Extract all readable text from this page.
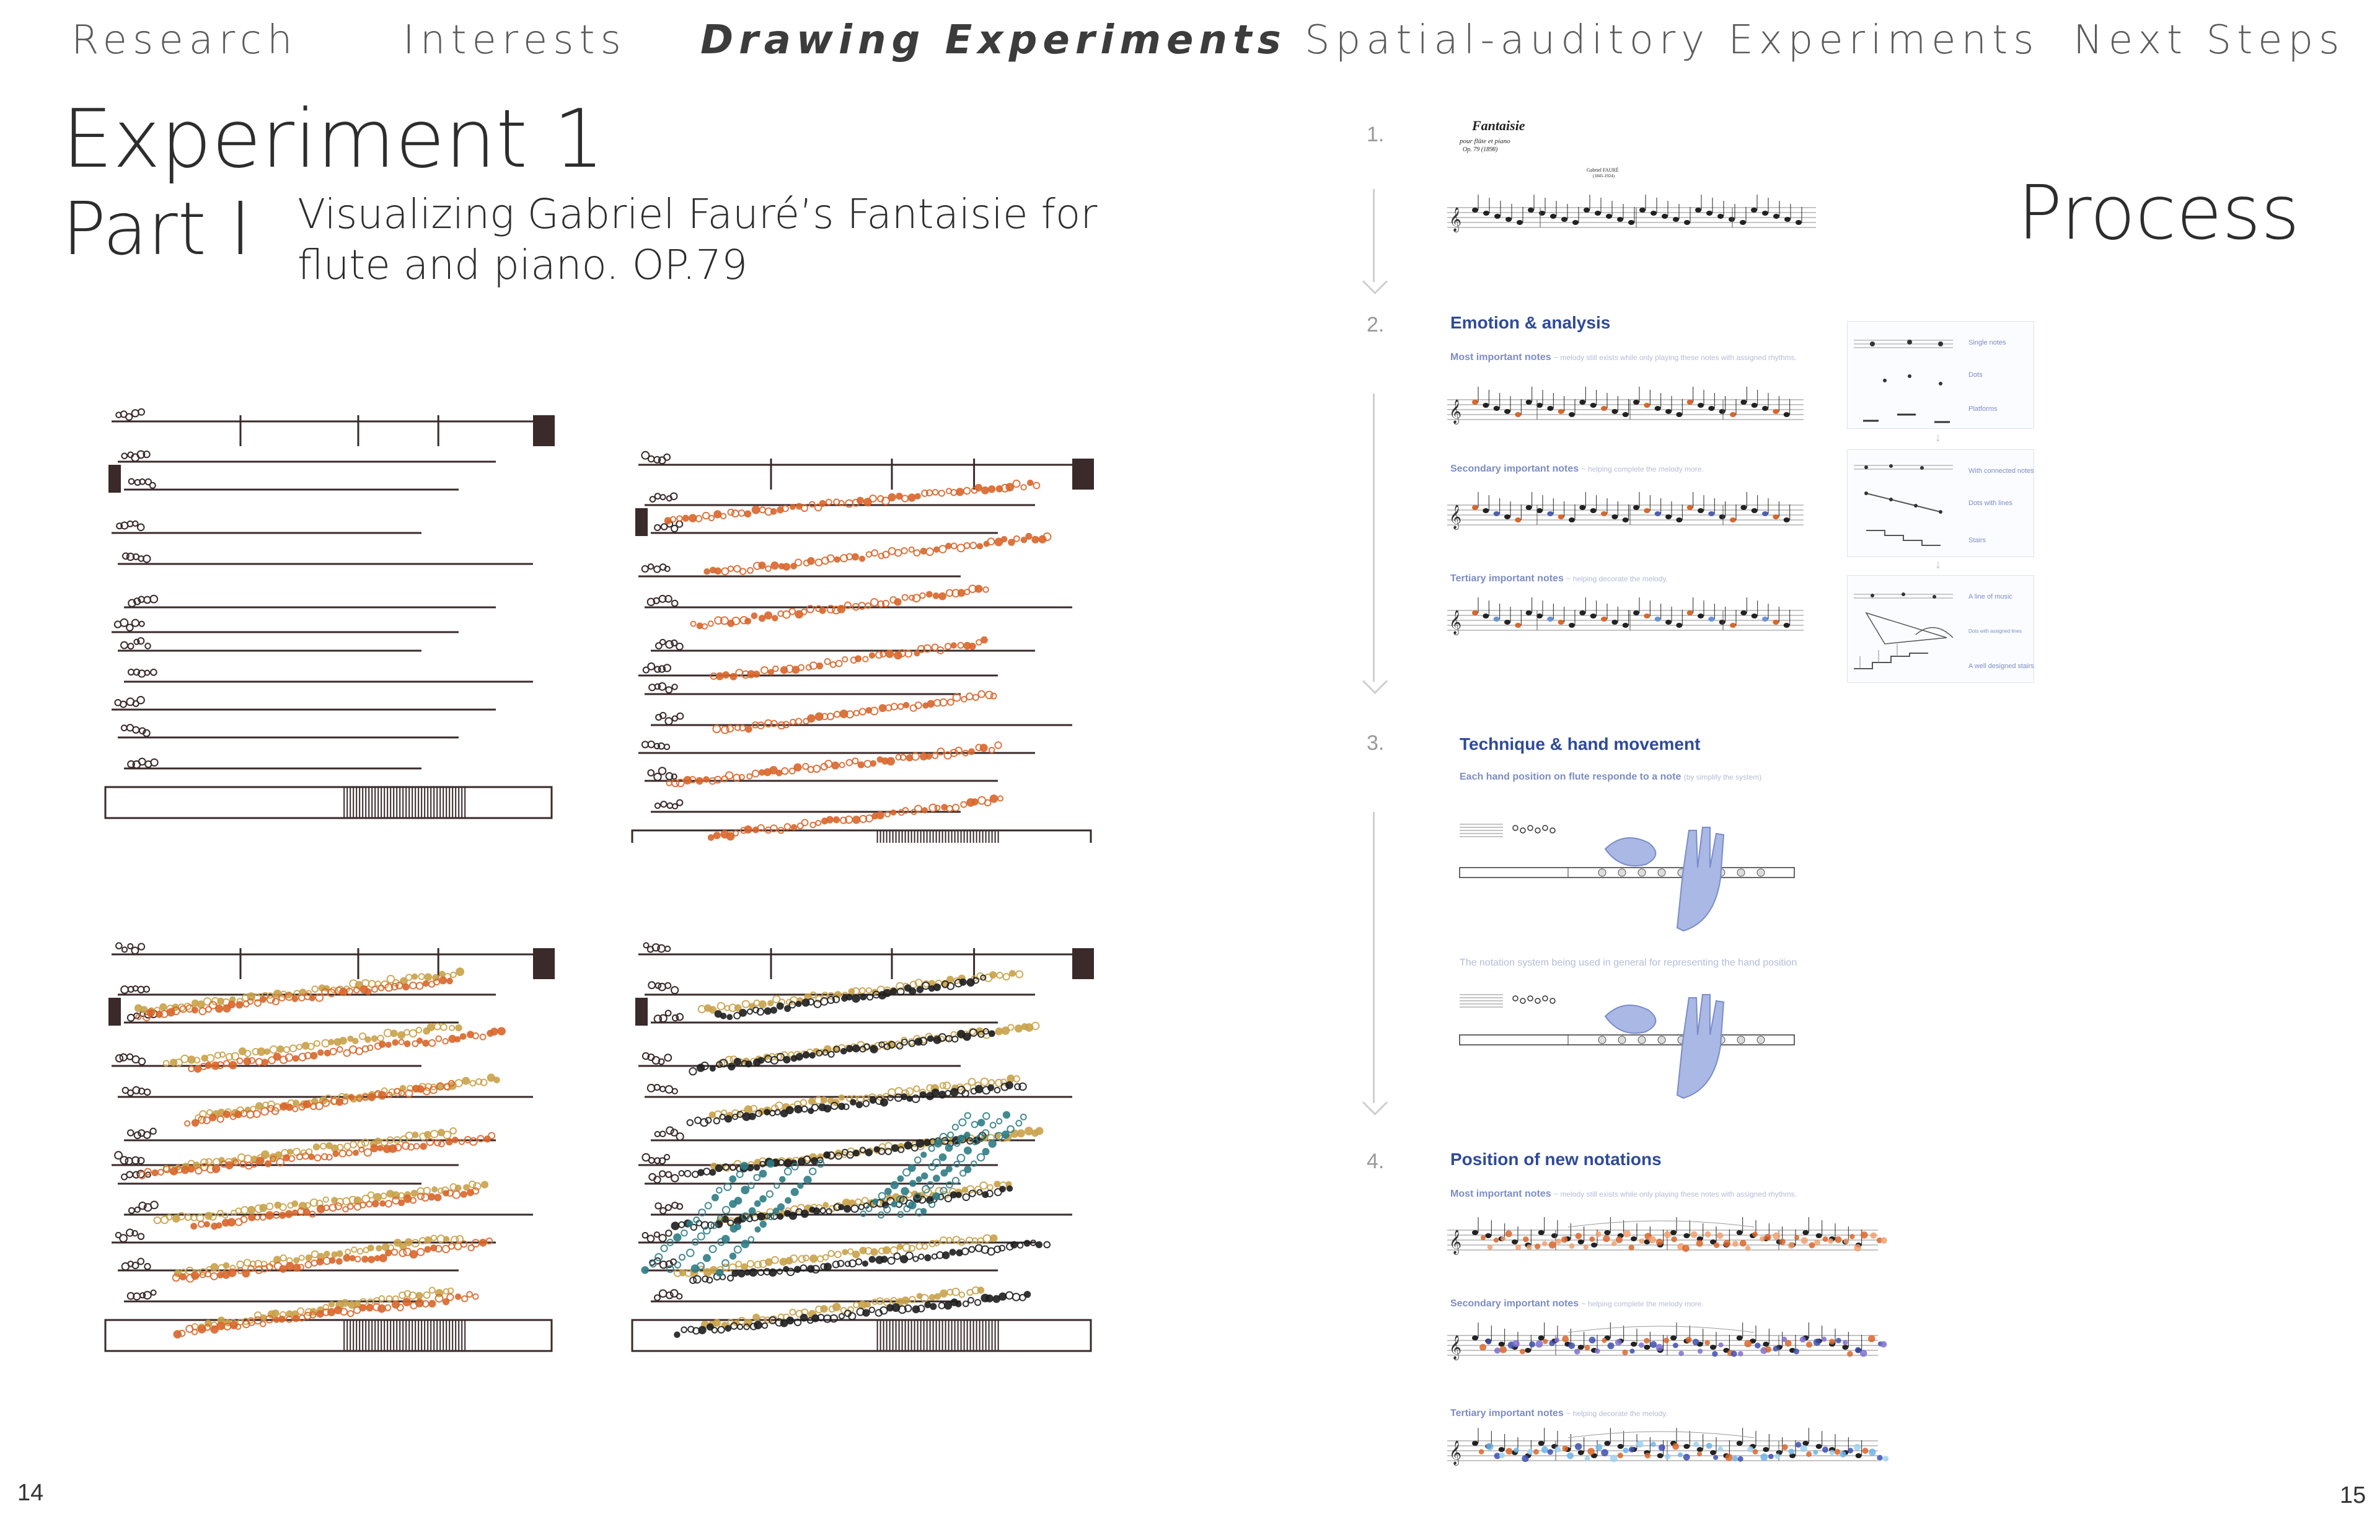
Research	Interests Drawing Experiments Spatial-auditory Experiments Next Steps
Experiment 1
Part I Visualizing Gabriel Fauré’s Fantaisie for
flute and piano. OP.79
14
Process
1.	Fantaisie
pour flûte et piano
Op. 79 (1898)
Gabriel FAURÉ
(1845-1924)
𝄞
2.	Emotion & analysis
Most important notes ~ melody still exists while only playing these notes with assigned rhythms.
𝄞
Secondary important notes ~ helping complete the melody more.
𝄞
Tertiary important notes ~ helping decorate the melody.
𝄞
Single notes
Dots
Platforms
↓
With connected notes
Dots with lines
Stairs
↓
A line of music
Dots with assigned lines
A well designed stairs
3.	Technique & hand movement
Each hand position on flute responde to a note (by simplify the system)
The notation system being used in general for representing the hand position
4.	Position of new notations
Most important notes ~ melody still exists while only playing these notes with assigned rhythms.
𝄞
Secondary important notes ~ helping complete the melody more.
𝄞
Tertiary important notes ~ helping decorate the melody.
𝄞
15
